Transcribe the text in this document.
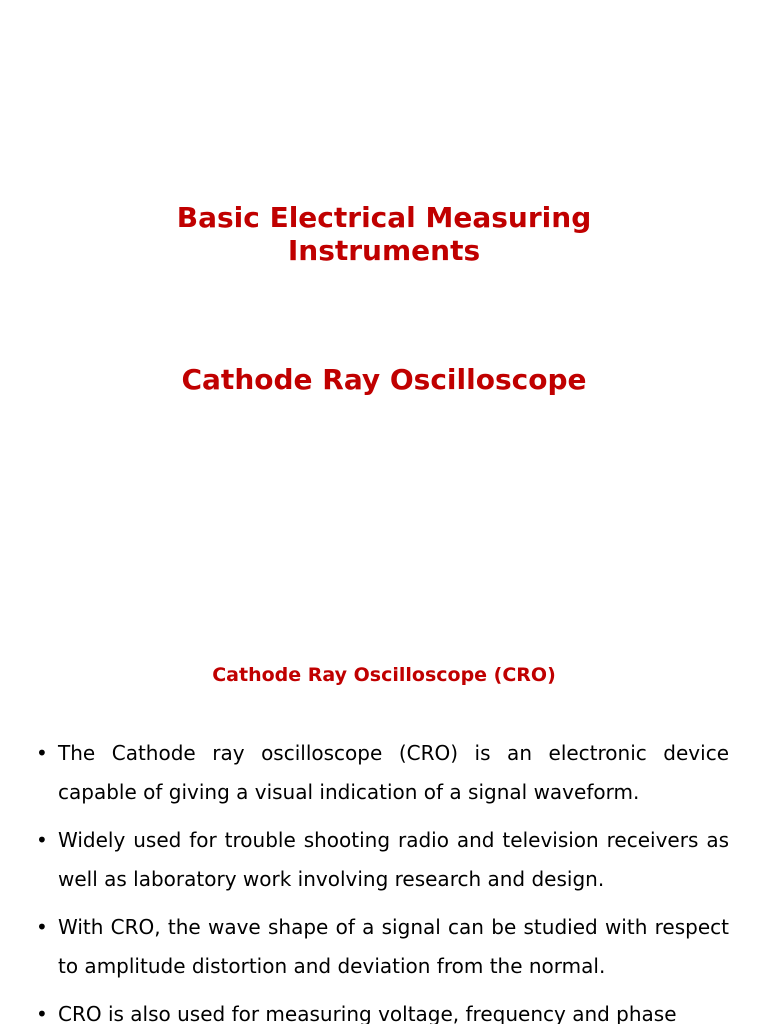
Basic Electrical Measuring
Instruments
Cathode Ray Oscilloscope
Cathode Ray Oscilloscope (CRO)
• The Cathode ray oscilloscope (CRO) is an electronic device capable of giving a visual indication of a signal waveform.
• Widely used for trouble shooting radio and television receivers as well as laboratory work involving research and design.
• With CRO, the wave shape of a signal can be studied with respect to amplitude distortion and deviation from the normal.
• CRO is also used for measuring voltage, frequency and phase
